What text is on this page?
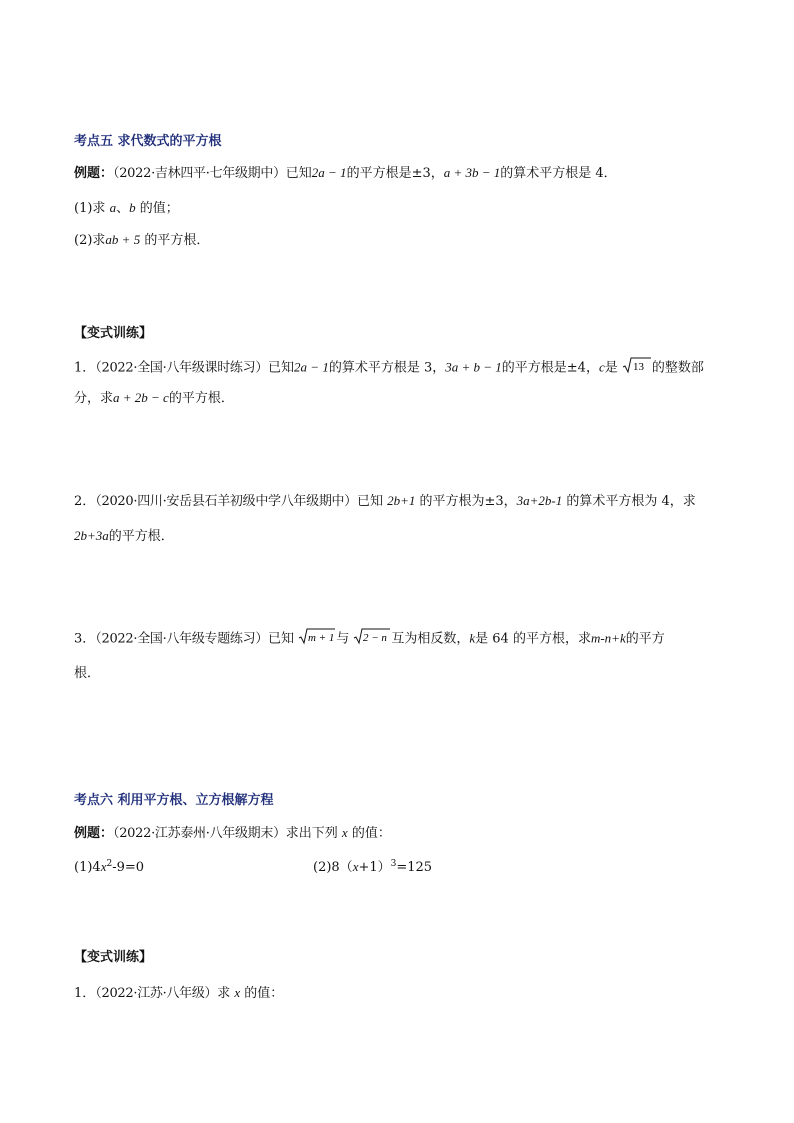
考点五 求代数式的平方根
例题：（2022·吉林四平·七年级期中）已知2a − 1的平方根是±3，a + 3b − 1的算术平方根是 4．
(1)求 a、b 的值；
(2)求ab + 5 的平方根．
【变式训练】
1．（2022·全国·八年级课时练习）已知2a − 1的算术平方根是 3，3a + b − 1的平方根是±4，c是 13 的整数部
分，求a + 2b − c的平方根．
2．（2020·四川·安岳县石羊初级中学八年级期中）已知 2b+1 的平方根为±3，3a+2b-1 的算术平方根为 4，求
2b+3a的平方根．
3．（2022·全国·八年级专题练习）已知 m + 1 与 2 − n 互为相反数，k是 64 的平方根，求m-n+k的平方
根．
考点六 利用平方根、立方根解方程
例题：（2022·江苏泰州·八年级期末）求出下列 x 的值：
$(1)4x^2-9=0$	$(2)8(x+1)^3=125$
【变式训练】
1．（2022·江苏·八年级）求 x 的值：
